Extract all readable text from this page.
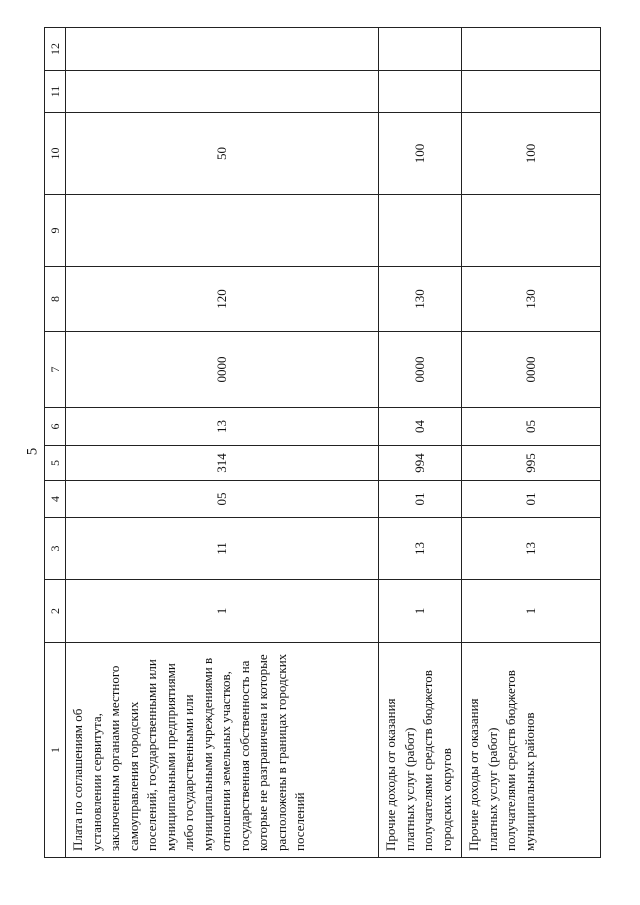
5
1	2	3	4	5	6	7	8	9	10	11	12
Плата по соглашениям об установлении сервитута, заключенным органами местного самоуправления городских поселений, государственными или муниципальными предприятиями либо государственными или муниципальными учреждениями в отношении земельных участков, государственная собственность на которые не разграничена и которые расположены в границах городских поселений	1	11	05	314	13	0000	120		50		
Прочие доходы от оказания платных услуг (работ) получателями средств бюджетов городских округов	1	13	01	994	04	0000	130		100		
Прочие доходы от оказания платных услуг (работ) получателями средств бюджетов муниципальных районов	1	13	01	995	05	0000	130		100		
